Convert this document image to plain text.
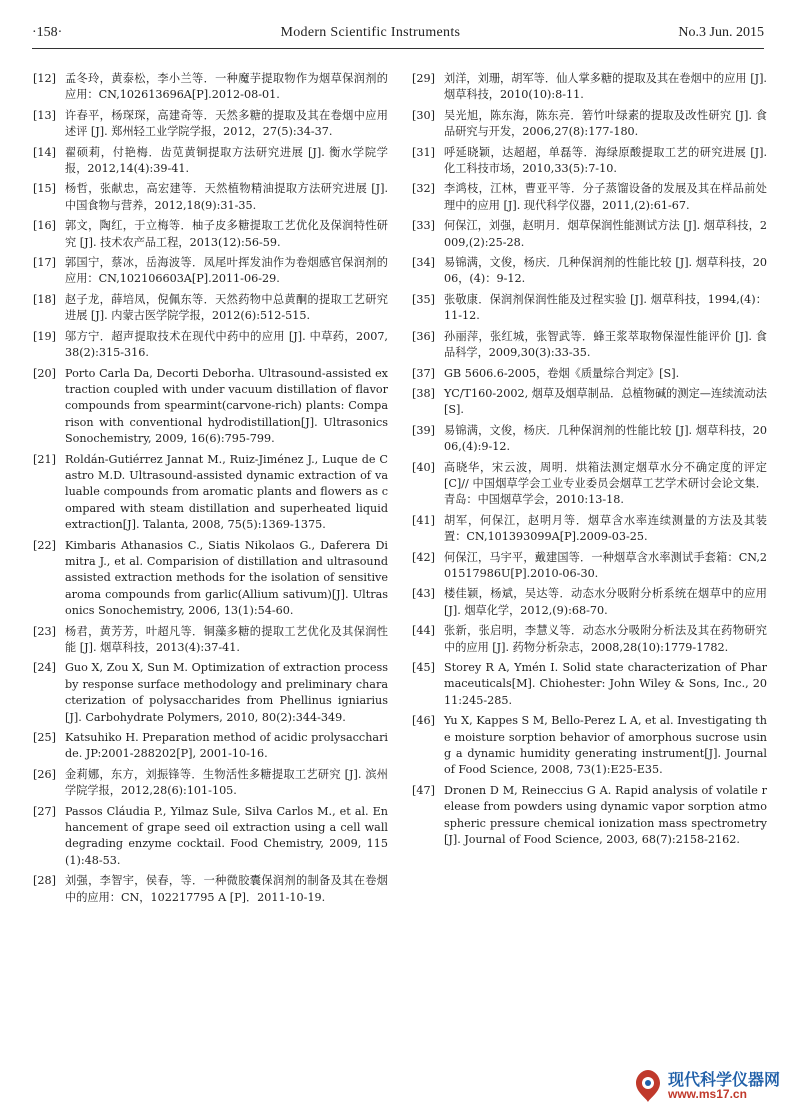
·158·	Modern Scientific Instruments	No.3 Jun. 2015
[12] 孟冬玲，黄泰松，李小兰等．一种魔芋提取物作为烟草保润剂的应用：CN,102613696A[P].2012-08-01.
[13] 许春平，杨琛琛，高建奇等．天然多糖的提取及其在卷烟中应用述评 [J]. 郑州轻工业学院学报，2012，27(5):34-37.
[14] 翟硕莉，付艳梅．齿苋黄铜提取方法研究进展 [J]. 衡水学院学报，2012,14(4):39-41.
[15] 杨哲，张献忠，高宏建等．天然植物精油提取方法研究进展 [J]. 中国食物与营养，2012,18(9):31-35.
[16] 郭文，陶红，于立梅等．柚子皮多糖提取工艺优化及保润特性研究 [J]. 技术农产品工程，2013(12):56-59.
[17] 郭国宁，蔡冰，岳海波等．凤尾叶挥发油作为卷烟感官保润剂的应用：CN,102106603A[P].2011-06-29.
[18] 赵子龙，薛培凤，倪佩东等．天然药物中总黄酮的提取工艺研究进展 [J]. 内蒙古医学院学报，2012(6):512-515.
[19] 邬方宁．超声提取技术在现代中药中的应用 [J]. 中草药，2007, 38(2):315-316.
[20] Porto Carla Da, Decorti Deborha. Ultrasound-assisted extraction coupled with under vacuum distillation of flavor compounds from spearmint(carvone-rich) plants: Comparison with conventional hydrodistillation[J]. Ultrasonics Sonochemistry, 2009, 16(6):795-799.
[21] Roldán-Gutiérrez Jannat M., Ruiz-Jiménez J., Luque de Castro M.D. Ultrasound-assisted dynamic extraction of valuable compounds from aromatic plants and flowers as compared with steam distillation and superheated liquid extraction[J]. Talanta, 2008, 75(5):1369-1375.
[22] Kimbaris Athanasios C., Siatis Nikolaos G., Daferera Dimitra J., et al. Comparision of distillation and ultrasound assisted extraction methods for the isolation of sensitive aroma compounds from garlic(Allium sativum)[J]. Ultrasonics Sonochemistry, 2006, 13(1):54-60.
[23] 杨君，黄芳芳，叶超凡等．铜藻多糖的提取工艺优化及其保润性能 [J]. 烟草科技，2013(4):37-41.
[24] Guo X, Zou X, Sun M. Optimization of extraction process by response surface methodology and preliminary characterization of polysaccharides from Phellinus igniarius[J]. Carbohydrate Polymers, 2010, 80(2):344-349.
[25] Katsuhiko H. Preparation method of acidic prolysaccharide. JP:2001-288202[P], 2001-10-16.
[26] 金莉娜，东方，刘振锋等．生物活性多糖提取工艺研究 [J]. 滨州学院学报，2012,28(6):101-105.
[27] Passos Cláudia P., Yilmaz Sule, Silva Carlos M., et al. Enhancement of grape seed oil extraction using a cell wall degrading enzyme cocktail. Food Chemistry, 2009, 115(1):48-53.
[28] 刘强，李智宇，侯春，等．一种微胶囊保润剂的制备及其在卷烟中的应用：CN，102217795 A [P]．2011-10-19.
[29] 刘洋，刘珊，胡军等．仙人掌多糖的提取及其在卷烟中的应用 [J]. 烟草科技，2010(10):8-11.
[30] 吴光旭，陈东海，陈东亮．箬竹叶绿素的提取及改性研究 [J]. 食品研究与开发，2006,27(8):177-180.
[31] 呼延晓颖，达超超，单磊等．海绿原酸提取工艺的研究进展 [J]. 化工科技市场，2010,33(5):7-10.
[32] 李鸿枝，江林，曹亚平等．分子蒸馏设备的发展及其在样品前处理中的应用 [J]. 现代科学仪器，2011,(2):61-67.
[33] 何保江，刘强，赵明月．烟草保润性能测试方法 [J]. 烟草科技，2009,(2):25-28.
[34] 易锦满，文俊，杨庆．几种保润剂的性能比较 [J]. 烟草科技，2006，(4)：9-12.
[35] 张敬康．保润剂保润性能及过程实验 [J]. 烟草科技，1994,(4)：11-12.
[36] 孙丽萍，张红城，张智武等．蜂王浆萃取物保湿性能评价 [J]. 食品科学，2009,30(3):33-35.
[37] GB 5606.6-2005，卷烟《质量综合判定》[S].
[38] YC/T160-2002, 烟草及烟草制品．总植物碱的测定—连续流动法 [S].
[39] 易锦满，文俊，杨庆．几种保润剂的性能比较 [J]. 烟草科技，2006,(4):9-12.
[40] 高晓华，宋云波，周明．烘箱法测定烟草水分不确定度的评定 [C]// 中国烟草学会工业专业委员会烟草工艺学术研讨会论文集．青岛：中国烟草学会，2010:13-18.
[41] 胡军，何保江，赵明月等．烟草含水率连续测量的方法及其装置：CN,101393099A[P].2009-03-25.
[42] 何保江，马宇平，戴建国等．一种烟草含水率测试手套箱：CN,201517986U[P].2010-06-30.
[43] 楼佳颖，杨斌，吴达等．动态水分吸附分析系统在烟草中的应用 [J]. 烟草化学，2012,(9):68-70.
[44] 张新，张启明，李慧义等．动态水分吸附分析法及其在药物研究中的应用 [J]. 药物分析杂志，2008,28(10):1779-1782.
[45] Storey R A, Ymén I. Solid state characterization of Pharmaceuticals[M]. Chiohester: John Wiley & Sons, Inc., 2011:245-285.
[46] Yu X, Kappes S M, Bello-Perez L A, et al. Investigating the moisture sorption behavior of amorphous sucrose using a dynamic humidity generating instrument[J]. Journal of Food Science, 2008, 73(1):E25-E35.
[47] Dronen D M, Reineccius G A. Rapid analysis of volatile release from powders using dynamic vapor sorption atmospheric pressure chemical ionization mass spectrometry[J]. Journal of Food Science, 2003, 68(7):2158-2162.
现代科学仪器网
www.ms17.cn
